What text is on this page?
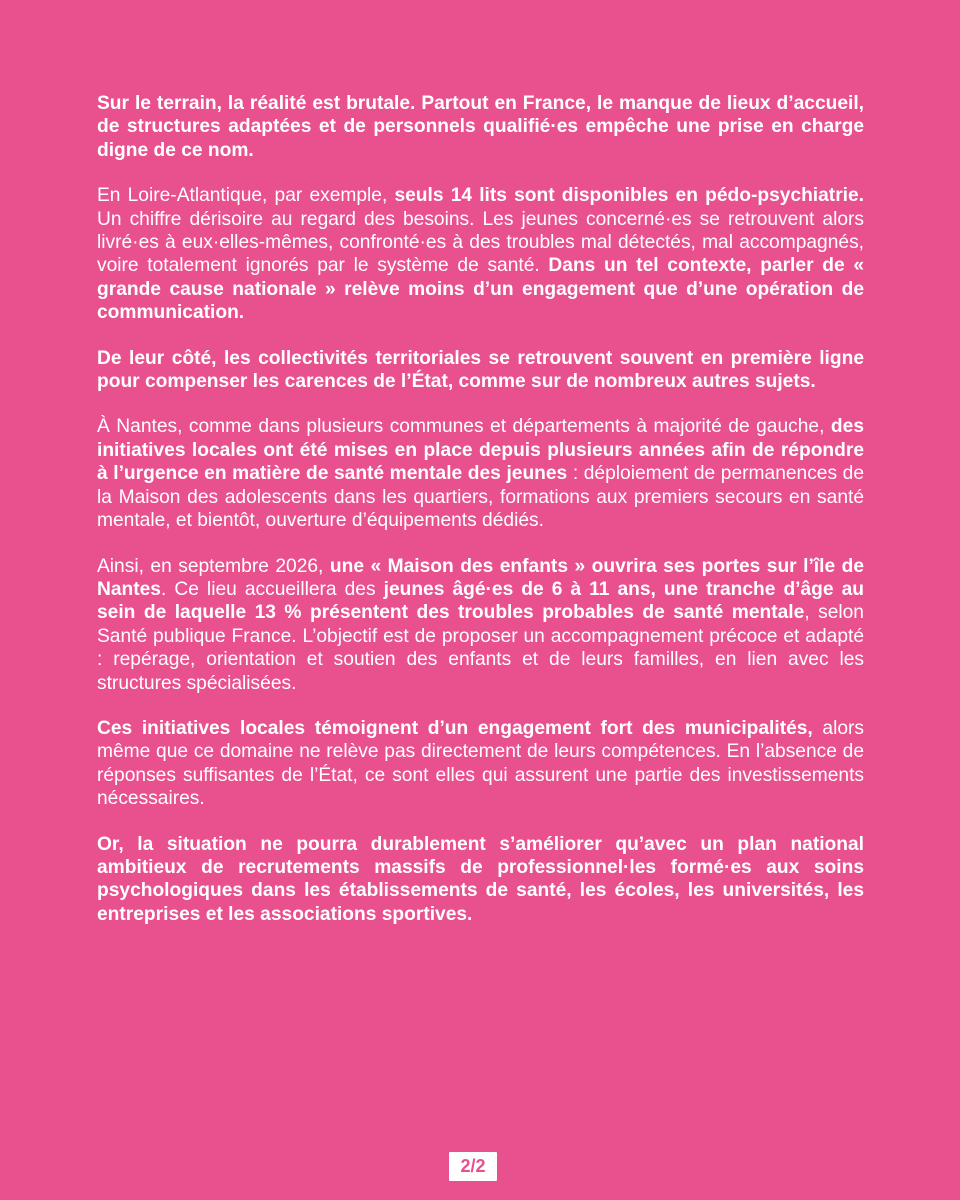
Sur le terrain, la réalité est brutale. Partout en France, le manque de lieux d’accueil, de structures adaptées et de personnels qualifié·es empêche une prise en charge digne de ce nom.

En Loire-Atlantique, par exemple, seuls 14 lits sont disponibles en pédo-psychiatrie. Un chiffre dérisoire au regard des besoins. Les jeunes concerné·es se retrouvent alors livré·es à eux·elles-mêmes, confronté·es à des troubles mal détectés, mal accompagnés, voire totalement ignorés par le système de santé. Dans un tel contexte, parler de « grande cause nationale » relève moins d’un engagement que d’une opération de communication.

De leur côté, les collectivités territoriales se retrouvent souvent en première ligne pour compenser les carences de l’État, comme sur de nombreux autres sujets.

À Nantes, comme dans plusieurs communes et départements à majorité de gauche, des initiatives locales ont été mises en place depuis plusieurs années afin de répondre à l’urgence en matière de santé mentale des jeunes : déploiement de permanences de la Maison des adolescents dans les quartiers, formations aux premiers secours en santé mentale, et bientôt, ouverture d’équipements dédiés.

Ainsi, en septembre 2026, une « Maison des enfants » ouvrira ses portes sur l’île de Nantes. Ce lieu accueillera des jeunes âgé·es de 6 à 11 ans, une tranche d’âge au sein de laquelle 13 % présentent des troubles probables de santé mentale, selon Santé publique France. L’objectif est de proposer un accompagnement précoce et adapté : repérage, orientation et soutien des enfants et de leurs familles, en lien avec les structures spécialisées.

Ces initiatives locales témoignent d’un engagement fort des municipalités, alors même que ce domaine ne relève pas directement de leurs compétences. En l’absence de réponses suffisantes de l’État, ce sont elles qui assurent une partie des investissements nécessaires.

Or, la situation ne pourra durablement s’améliorer qu’avec un plan national ambitieux de recrutements massifs de professionnel·les formé·es aux soins psychologiques dans les établissements de santé, les écoles, les universités, les entreprises et les associations sportives.

2/2
